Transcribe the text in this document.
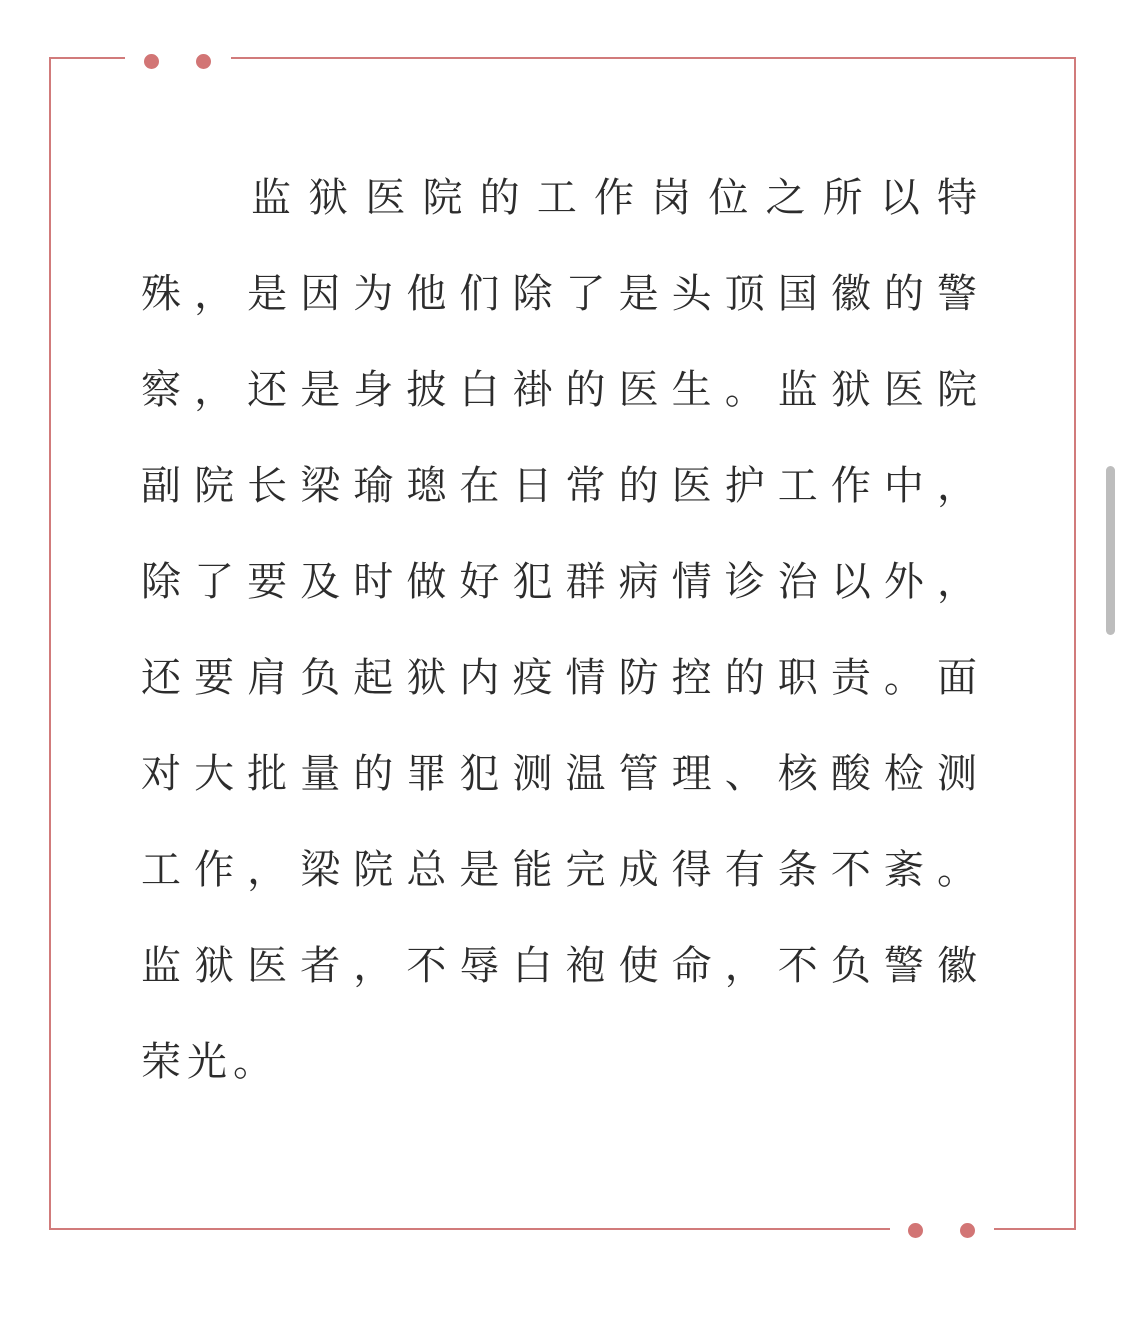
监狱医院的工作岗位之所以特
殊，是因为他们除了是头顶国徽的警
察，还是身披白褂的医生。监狱医院
副院长梁瑜璁在日常的医护工作中，
除了要及时做好犯群病情诊治以外，
还要肩负起狱内疫情防控的职责。面
对大批量的罪犯测温管理、核酸检测
工作，梁院总是能完成得有条不紊。
监狱医者，不辱白袍使命，不负警徽
荣光。
